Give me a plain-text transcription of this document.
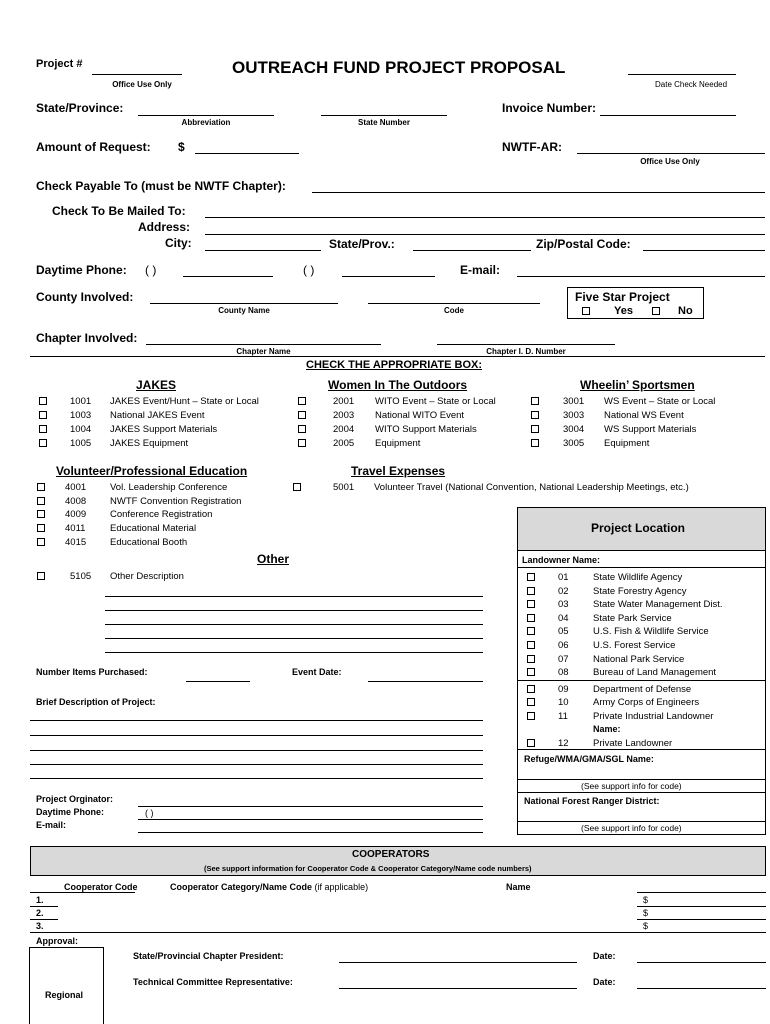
Project #
Office Use Only
OUTREACH FUND PROJECT PROPOSAL
Date Check Needed
State/Province:
Abbreviation	State Number
Invoice Number:
Amount of Request: $	NWTF-AR:
Office Use Only
Check Payable To (must be NWTF Chapter):
Check To Be Mailed To:
Address:
City:	State/Prov.:	Zip/Postal Code:
Daytime Phone: ( )	( )	E-mail:
County Involved:
County Name	Code
Five Star Project
Yes	No
Chapter Involved:
Chapter Name	Chapter I. D. Number
CHECK THE APPROPRIATE BOX:
JAKES
1001 JAKES Event/Hunt – State or Local
1003 National JAKES Event
1004 JAKES Support Materials
1005 JAKES Equipment
Women In The Outdoors
2001 WITO Event – State or Local
2003 National WITO Event
2004 WITO Support Materials
2005 Equipment
Wheelin’ Sportsmen
3001 WS Event – State or Local
3003 National WS Event
3004 WS Support Materials
3005 Equipment
Volunteer/Professional Education
4001	Vol. Leadership Conference
4008	NWTF Convention Registration
4009	Conference Registration
4011	Educational Material
4015	Educational Booth
Travel Expenses
5001 Volunteer Travel (National Convention, National Leadership Meetings, etc.)
Other
5105 Other Description
Number Items Purchased:	Event Date:
Brief Description of Project:
Project Orginator:
Daytime Phone:	( )
E-mail:
Project Location
Landowner Name:
01	State Wildlife Agency
02	State Forestry Agency
03	State Water Management Dist.
04	State Park Service
05	U.S. Fish & Wildlife Service
06	U.S. Forest Service
07	National Park Service
08	Bureau of Land Management
09	Department of Defense
10	Army Corps of Engineers
11	Private Industrial Landowner
Name:
12	Private Landowner
Refuge/WMA/GMA/SGL Name:
(See support info for code)
National Forest Ranger District:
(See support info for code)
COOPERATORS
(See support information for Cooperator Code & Cooperator Category/Name code numbers)
Cooperator Code	Cooperator Category/Name Code (if applicable)	Name
1.	$
2.	$
3.	$
Approval:
Regional
State/Provincial Chapter President:	Date:
Technical Committee Representative:	Date:
